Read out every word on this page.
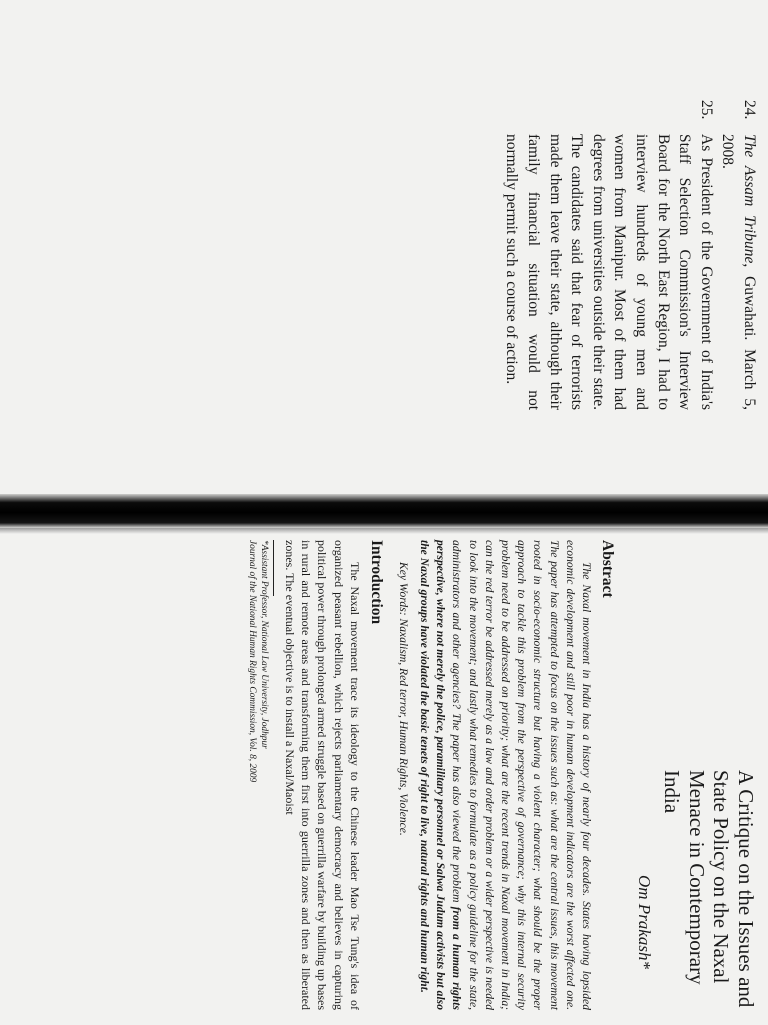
24.
The Assam Tribune, Guwahati. March 5, 2008.
25.
As President of the Government of India's Staff Selection Commission's Interview Board for the North East Region, I had to interview hundreds of young men and women from Manipur. Most of them had degrees from universities outside their state. The candidates said that fear of terrorists made them leave their state, although their family financial situation would not normally permit such a course of action.
A Critique on the Issues and State Policy on the Naxal Menace in Contemporary India
Om Prakash*
Abstract

The Naxal movement in India has a history of nearly four decades. States having lopsided economic development and still poor in human development indicators are the worst affected one. The paper has attempted to focus on the issues such as: what are the central issues, this movement rooted in socio-economic structure but having a violent character; what should be the proper approach to tackle this problem from the perspective of governance; why this internal security problem need to be addressed on priority; what are the recent trends in Naxal movement in India; can the red terror be addressed merely as a law and order problem or a wider perspective is needed to look into the movement; and lastly what remedies to formulate as a policy guideline for the state, administrators and other agencies? The paper has also viewed the problem from a human rights perspective, where not merely the police, paramilitary personnel or Salwa Judum activists but also the Naxal groups have violated the basic tenets of right to live, natural rights and human right.

Key Words: Naxalism, Red terror, Human Rights, Violence.

Introduction

The Naxal movement trace its ideology to the Chinese leader Mao Tse Tung's idea of organized peasant rebellion, which rejects parliamentary democracy and believes in capturing political power through prolonged armed struggle based on guerrilla warfare by building up bases in rural and remote areas and transforming them first into guerrilla zones and then as liberated zones. The eventual objective is to install a Naxal/Maoist

*Assistant Professor, National Law University, Jodhpur

Journal of the National Human Rights Commission, Vol. 8, 2009
